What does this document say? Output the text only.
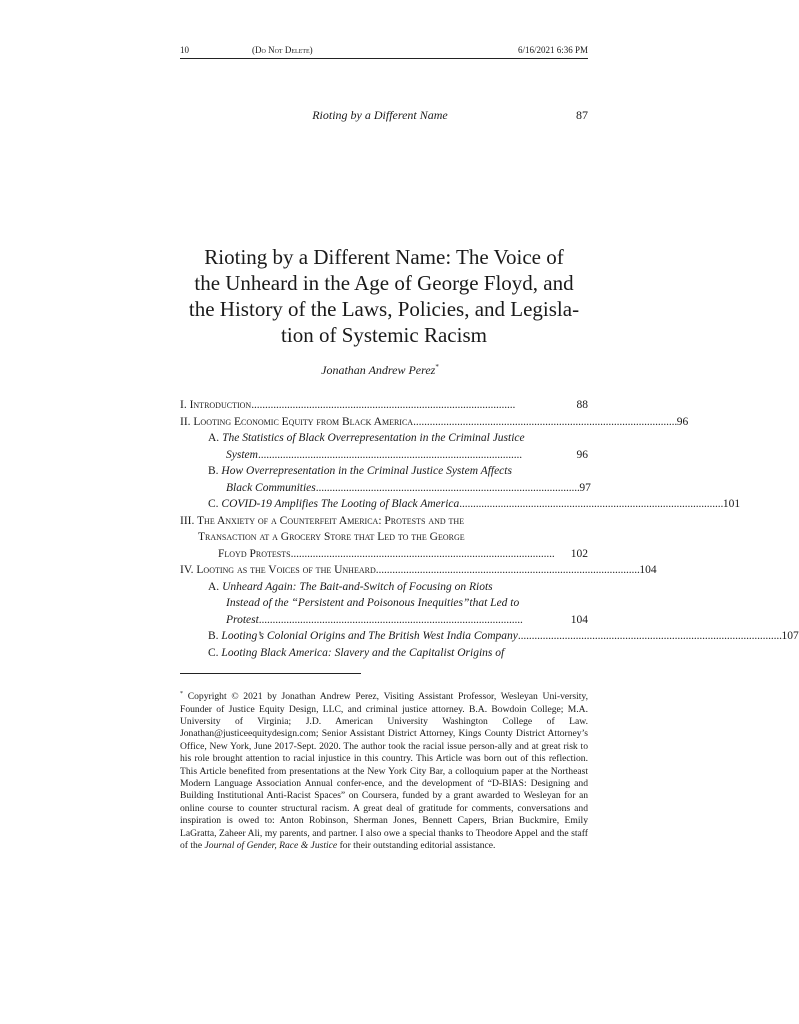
10	(Do Not Delete)	6/16/2021 6:36 PM
Rioting by a Different Name	87
Rioting by a Different Name: The Voice of
the Unheard in the Age of George Floyd, and
the History of the Laws, Policies, and Legisla-
tion of Systemic Racism
Jonathan Andrew Perez*
I. Introduction . . .	88
II. Looting Economic Equity from Black America . . .	96
A. The Statistics of Black Overrepresentation in the Criminal Justice
System . . .	96
B. How Overrepresentation in the Criminal Justice System Affects
Black Communities . . .	97
C. COVID-19 Amplifies The Looting of Black America . . .	101
III. The Anxiety of a Counterfeit America: Protests and the
Transaction at a Grocery Store that Led to the George
Floyd Protests . . .	102
IV. Looting as the Voices of the Unheard . . .	104
A. Unheard Again: The Bait-and-Switch of Focusing on Riots
Instead of the “Persistent and Poisonous Inequities”that Led to
Protest . . .	104
B. Looting’s Colonial Origins and The British West India Company . . .	107
C. Looting Black America: Slavery and the Capitalist Origins of

* Copyright © 2021 by Jonathan Andrew Perez, Visiting Assistant Professor, Wesleyan Uni-versity, Founder of Justice Equity Design, LLC, and criminal justice attorney. B.A. Bowdoin College; M.A. University of Virginia; J.D. American University Washington College of Law. Jonathan@justiceequitydesign.com; Senior Assistant District Attorney, Kings County District Attorney’s Office, New York, June 2017-Sept. 2020. The author took the racial issue person-ally and at great risk to his role brought attention to racial injustice in this country. This Article was born out of this reflection. This Article benefited from presentations at the New York City Bar, a colloquium paper at the Northeast Modern Language Association Annual confer-ence, and the development of “D-BIAS: Designing and Building Institutional Anti-Racist Spaces” on Coursera, funded by a grant awarded to Wesleyan for an online course to counter structural racism. A great deal of gratitude for comments, conversations and inspiration is owed to: Anton Robinson, Sherman Jones, Bennett Capers, Brian Buckmire, Emily LaGratta, Zaheer Ali, my parents, and partner. I also owe a special thanks to Theodore Appel and the staff of the Journal of Gender, Race & Justice for their outstanding editorial assistance.
